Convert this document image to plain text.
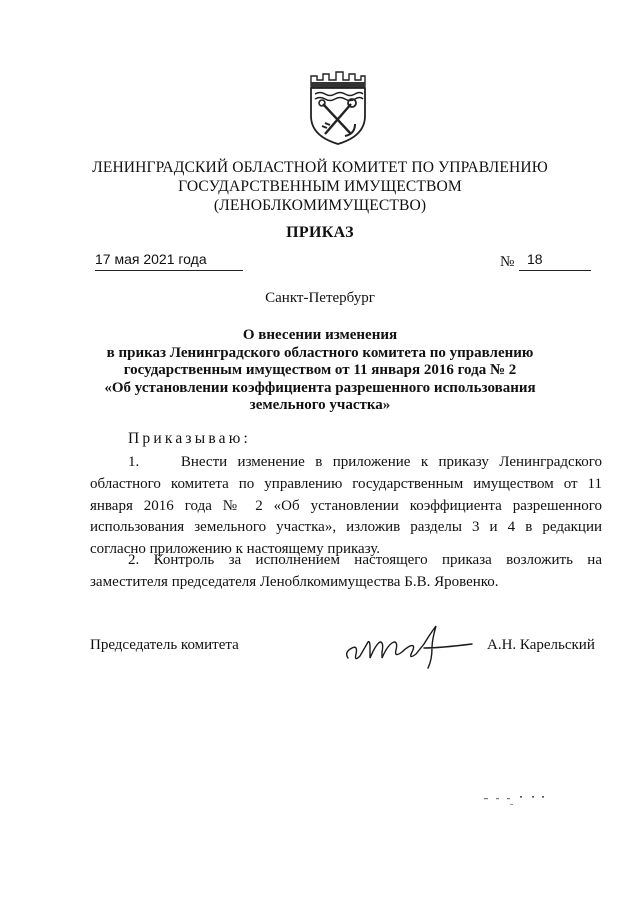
ЛЕНИНГРАДСКИЙ ОБЛАСТНОЙ КОМИТЕТ ПО УПРАВЛЕНИЮ
ГОСУДАРСТВЕННЫМ ИМУЩЕСТВОМ
(ЛЕНОБЛКОМИМУЩЕСТВО)
ПРИКАЗ
17 мая 2021 года	№ 18
Санкт-Петербург
О внесении изменения
в приказ Ленинградского областного комитета по управлению
государственным имуществом от 11 января 2016 года № 2
«Об установлении коэффициента разрешенного использования
земельного участка»
Приказываю:
1.	Внести изменение в приложение к приказу Ленинградского областного комитета по управлению государственным имуществом от 11 января 2016 года № 2 «Об установлении коэффициента разрешенного использования земельного участка», изложив разделы 3 и 4 в редакции согласно приложению к настоящему приказу.
2. Контроль за исполнением настоящего приказа возложить на заместителя председателя Леноблкомимущества Б.В. Яровенко.
Председатель комитета	А.Н. Карельский
